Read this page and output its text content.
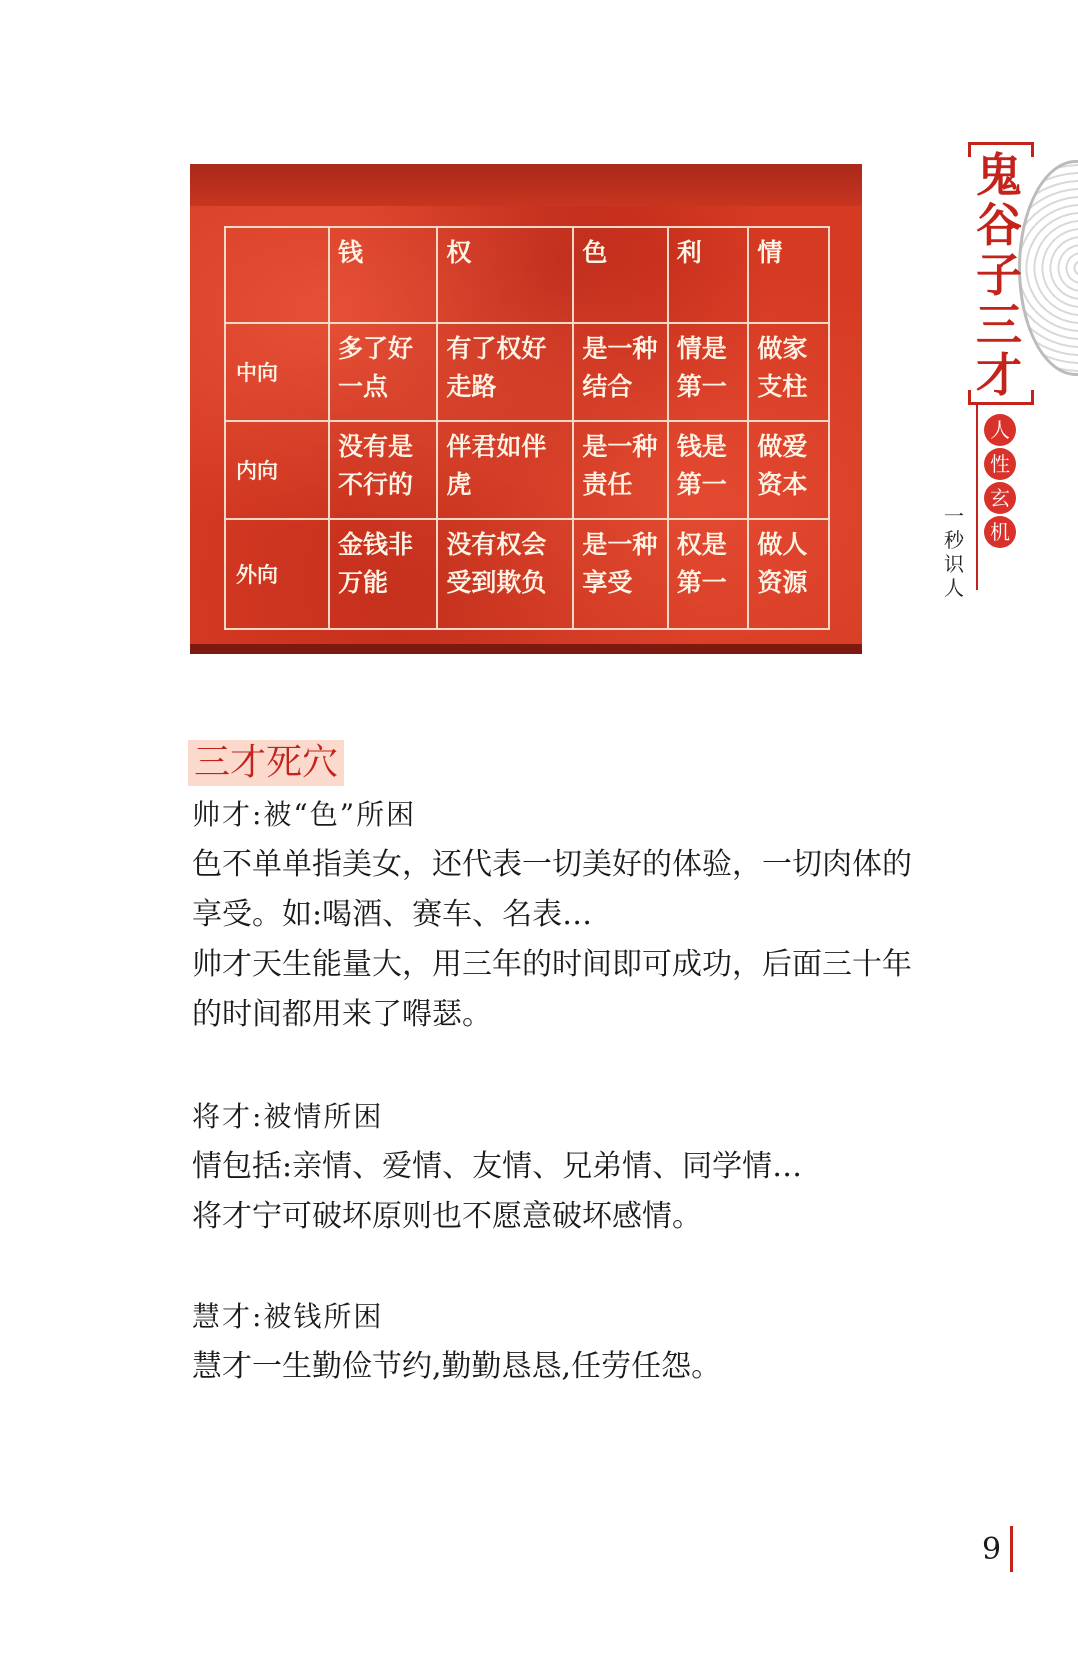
	钱	权	色	利	情
中向	多了好一点	有了权好走路	是一种结合	情是第一	做家支柱
内向	没有是不行的	伴君如伴虎	是一种责任	钱是第一	做爱资本
外向	金钱非万能	没有权会受到欺负	是一种享受	权是第一	做人资源
鬼谷子三才
人
性
玄
机
一秒识人
三才死穴
帅才:被“色”所困
色不单单指美女，还代表一切美好的体验，一切肉体的享受。如:喝酒、赛车、名表…
帅才天生能量大，用三年的时间即可成功，后面三十年的时间都用来了嘚瑟。
将才:被情所困
情包括:亲情、爱情、友情、兄弟情、同学情…
将才宁可破坏原则也不愿意破坏感情。
慧才:被钱所困
慧才一生勤俭节约,勤勤恳恳,任劳任怨。
9
